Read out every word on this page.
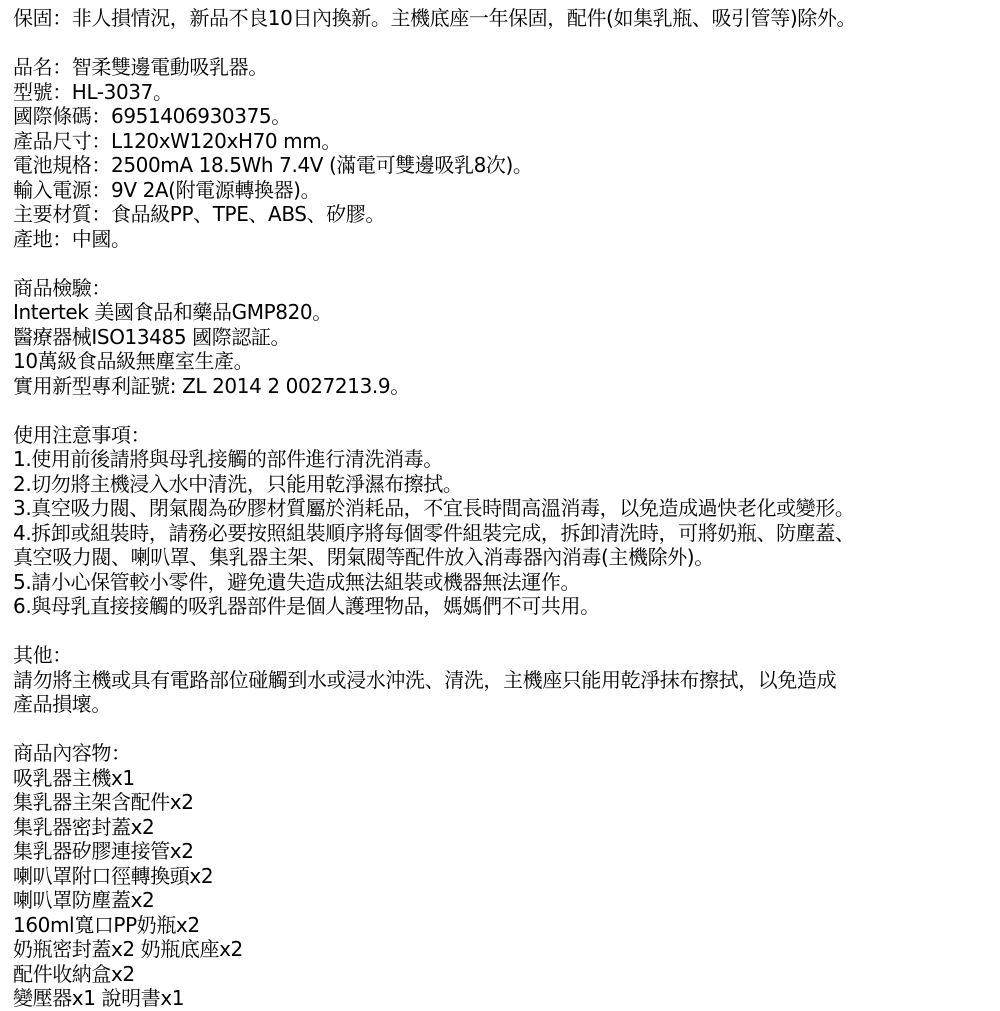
保固：非人損情況，新品不良10日內換新。主機底座一年保固，配件(如集乳瓶、吸引管等)除外。
品名：智柔雙邊電動吸乳器。
型號：HL-3037。
國際條碼：6951406930375。
產品尺寸：L120xW120xH70 mm。
電池規格：2500mA 18.5Wh 7.4V (滿電可雙邊吸乳8次)。
輸入電源：9V 2A(附電源轉換器)。
主要材質：食品級PP、TPE、ABS、矽膠。
產地：中國。
商品檢驗：
Intertek 美國食品和藥品GMP820。
醫療器械ISO13485 國際認証。
10萬級食品級無塵室生產。
實用新型專利証號: ZL 2014 2 0027213.9。
使用注意事項：
1.使用前後請將與母乳接觸的部件進行清洗消毒。
2.切勿將主機浸入水中清洗，只能用乾淨濕布擦拭。
3.真空吸力閥、閉氣閥為矽膠材質屬於消耗品，不宜長時間高溫消毒，以免造成過快老化或變形。
4.拆卸或組裝時，請務必要按照組裝順序將每個零件組裝完成，拆卸清洗時，可將奶瓶、防塵蓋、
真空吸力閥、喇叭罩、集乳器主架、閉氣閥等配件放入消毒器內消毒(主機除外)。
5.請小心保管較小零件，避免遺失造成無法組裝或機器無法運作。
6.與母乳直接接觸的吸乳器部件是個人護理物品，媽媽們不可共用。
其他：
請勿將主機或具有電路部位碰觸到水或浸水沖洗、清洗，主機座只能用乾淨抹布擦拭，以免造成
產品損壞。
商品內容物：
吸乳器主機x1
集乳器主架含配件x2
集乳器密封蓋x2
集乳器矽膠連接管x2
喇叭罩附口徑轉換頭x2
喇叭罩防塵蓋x2
160ml寬口PP奶瓶x2
奶瓶密封蓋x2 奶瓶底座x2
配件收納盒x2
變壓器x1 說明書x1
